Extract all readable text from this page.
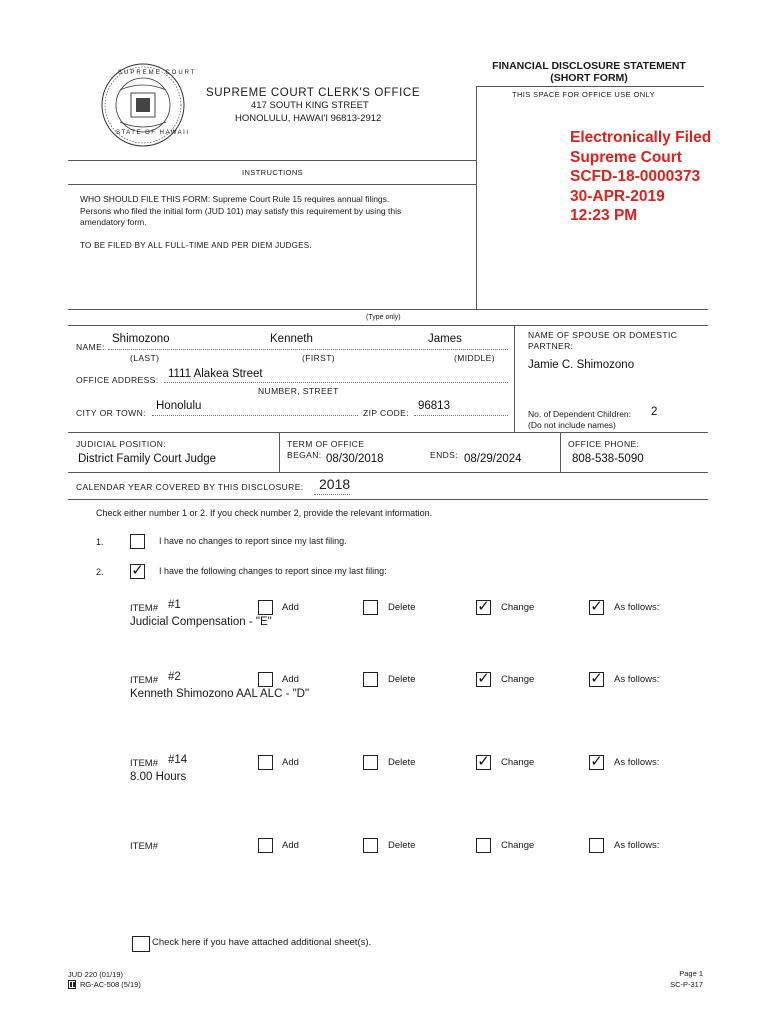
SUPREME COURT
STATE OF HAWAII
SUPREME COURT CLERK'S OFFICE
417 SOUTH KING STREET
HONOLULU, HAWAI'I 96813-2912
FINANCIAL DISCLOSURE STATEMENT
(SHORT FORM)
THIS SPACE FOR OFFICE USE ONLY
Electronically Filed
Supreme Court
SCFD-18-0000373
30-APR-2019
12:23 PM
INSTRUCTIONS
WHO SHOULD FILE THIS FORM: Supreme Court Rule 15 requires annual filings.
Persons who filed the initial form (JUD 101) may satisfy this requirement by using this
amendatory form.
TO BE FILED BY ALL FULL-TIME AND PER DIEM JUDGES.
(Type only)
NAME:
Shimozono	Kenneth	James
(LAST)	(FIRST)	(MIDDLE)
OFFICE ADDRESS: 1111 Alakea Street
NUMBER, STREET
CITY OR TOWN:
Honolulu
ZIP CODE:
96813
NAME OF SPOUSE OR DOMESTIC
PARTNER:
Jamie C. Shimozono
No. of Dependent Children: 2
(Do not include names)
JUDICIAL POSITION:
District Family Court Judge
TERM OF OFFICE
BEGAN: 08/30/2018	ENDS: 08/29/2024
OFFICE PHONE:
808-538-5090
CALENDAR YEAR COVERED BY THIS DISCLOSURE: 2018
Check either number 1 or 2. If you check number 2, provide the relevant information.
1.	I have no changes to report since my last filing.
2. ✓ I have the following changes to report since my last filing:
ITEM# #1
Judicial Compensation - "E"
Add	Delete	✓ Change	✓ As follows:
ITEM# #2
Kenneth Shimozono AAL ALC - "D"
Add	Delete	✓ Change	✓ As follows:
ITEM# #14
8.00 Hours
Add	Delete	✓ Change	✓ As follows:
ITEM#	Add	Delete	Change	As follows:
Check here if you have attached additional sheet(s).
JUD 220 (01/19)
RG-AC-508 (5/19)
Page 1
SC-P-317
